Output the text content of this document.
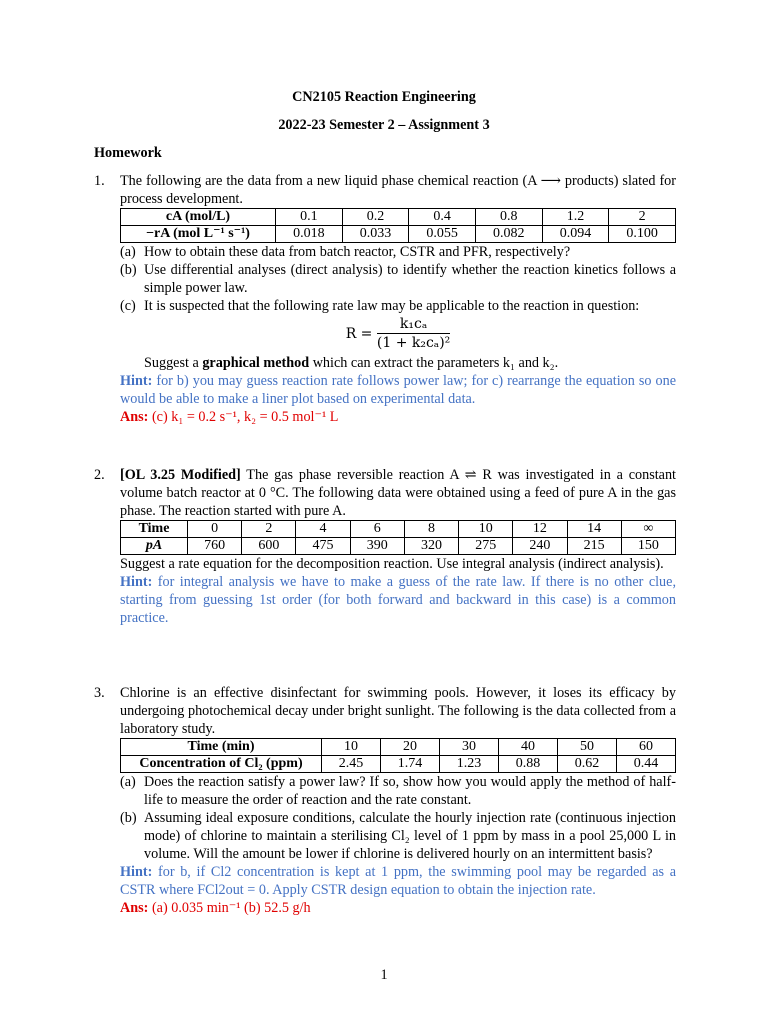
CN2105 Reaction Engineering
2022-23 Semester 2 – Assignment 3
Homework
1. The following are the data from a new liquid phase chemical reaction (A ⟶ products) slated for process development.

cA (mol/L)	0.1	0.2	0.4	0.8	1.2	2
−rA (mol L⁻¹ s⁻¹)	0.018	0.033	0.055	0.082	0.094	0.100
(a) How to obtain these data from batch reactor, CSTR and PFR, respectively?
(b) Use differential analyses (direct analysis) to identify whether the reaction kinetics follows a simple power law.
(c) It is suspected that the following rate law may be applicable to the reaction in question:
$R = \frac{\text{k₁cₐ}}{\text{(1 + k₂cₐ)²}}$

Suggest a graphical method which can extract the parameters k₁ and k₂.

Hint: for b) you may guess reaction rate follows power law; for c) rearrange the equation so one would be able to make a liner plot based on experimental data.

Ans: (c) k₁ = 0.2 s⁻¹, k₂ = 0.5 mol⁻¹ L

2. [OL 3.25 Modified] The gas phase reversible reaction A ⇌ R was investigated in a constant volume batch reactor at 0 °C. The following data were obtained using a feed of pure A in the gas phase. The reaction started with pure A.

Time	0	2	4	6	8	10	12	14	∞
pA	760	600	475	390	320	275	240	215	150

Suggest a rate equation for the decomposition reaction. Use integral analysis (indirect analysis).

Hint: for integral analysis we have to make a guess of the rate law. If there is no other clue, starting from guessing 1st order (for both forward and backward in this case) is a common practice.

3. Chlorine is an effective disinfectant for swimming pools. However, it loses its efficacy by undergoing photochemical decay under bright sunlight. The following is the data collected from a laboratory study.

Time (min)	10	20	30	40	50	60
Concentration of Cl₂ (ppm)	2.45	1.74	1.23	0.88	0.62	0.44
(a) Does the reaction satisfy a power law? If so, show how you would apply the method of half-life to measure the order of reaction and the rate constant.
(b) Assuming ideal exposure conditions, calculate the hourly injection rate (continuous injection mode) of chlorine to maintain a sterilising Cl₂ level of 1 ppm by mass in a pool 25,000 L in volume. Will the amount be lower if chlorine is delivered hourly on an intermittent basis?

Hint: for b, if Cl2 concentration is kept at 1 ppm, the swimming pool may be regarded as a CSTR where FCl2out = 0. Apply CSTR design equation to obtain the injection rate.

Ans: (a) 0.035 min⁻¹ (b) 52.5 g/h

1
